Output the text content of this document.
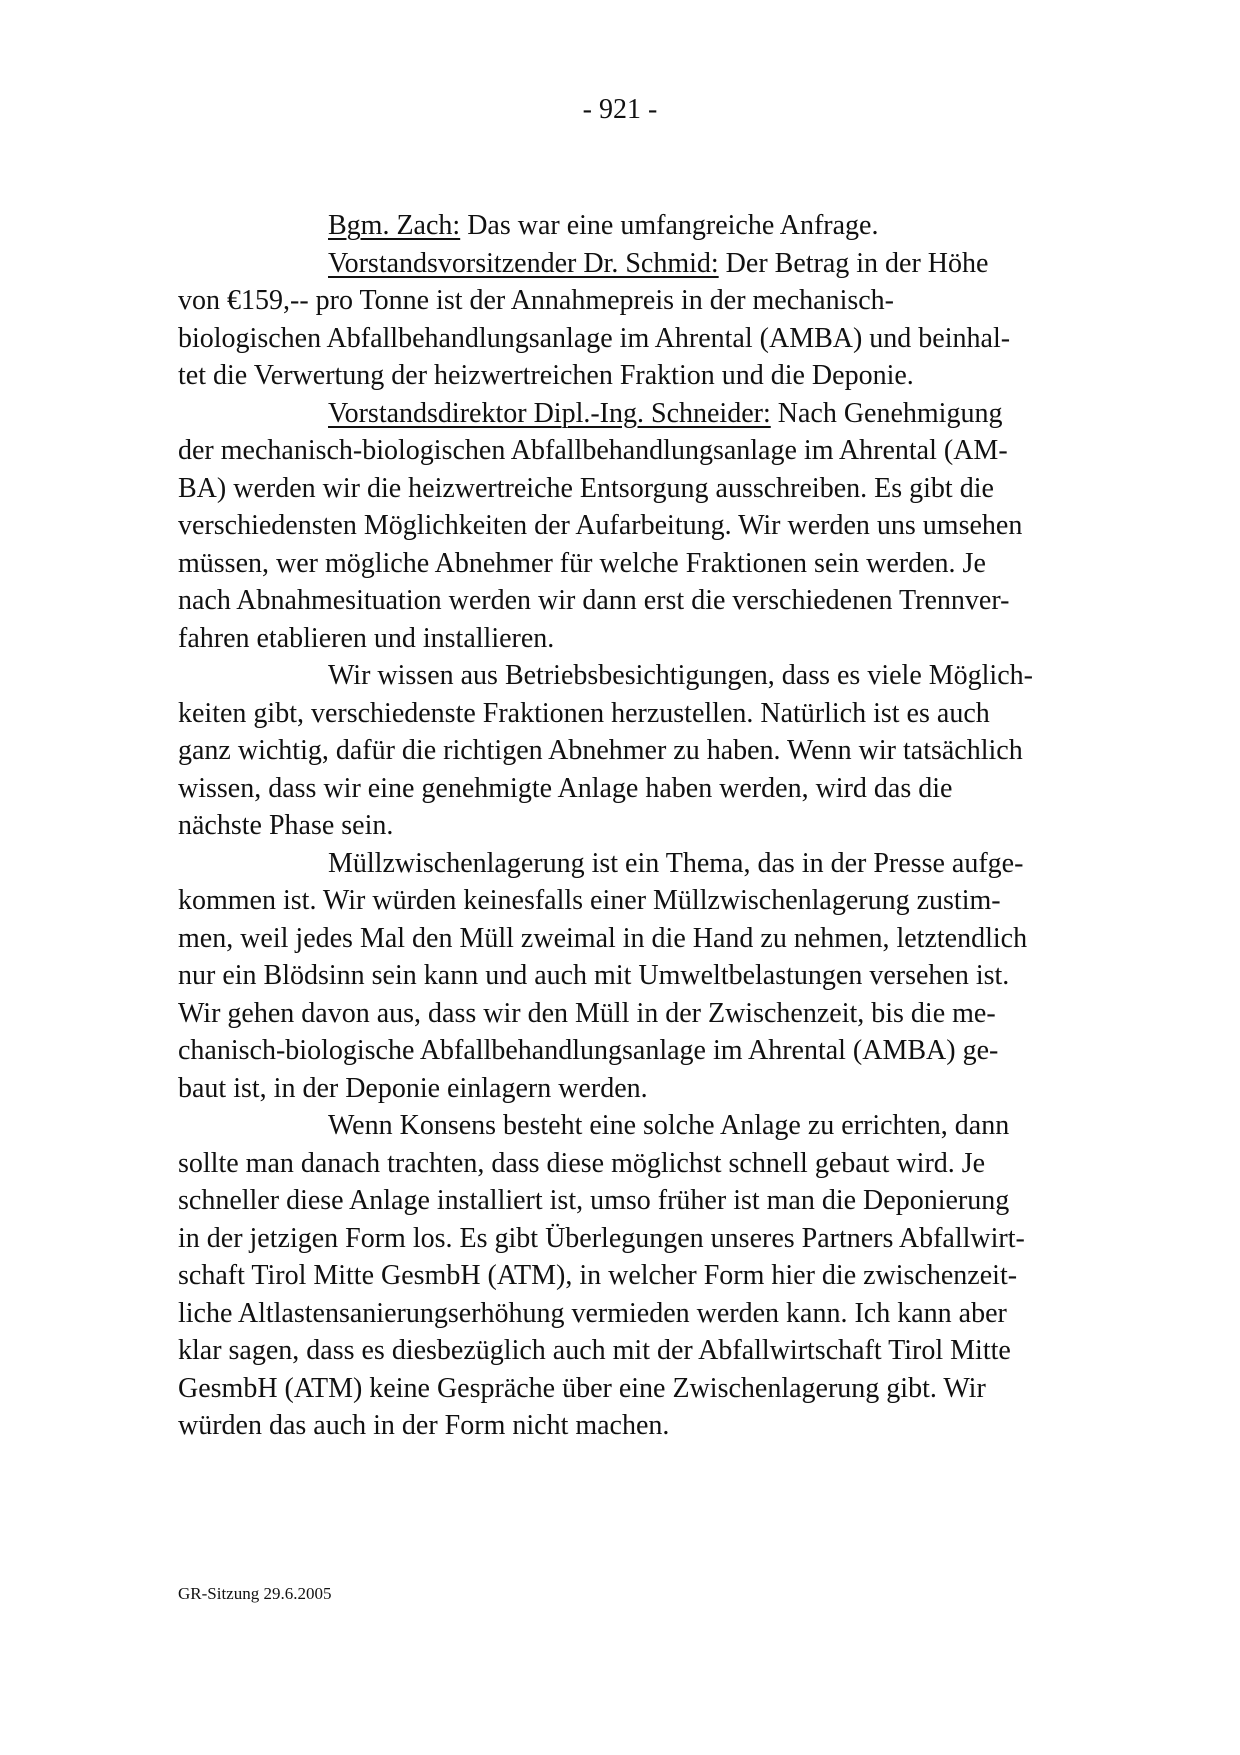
- 921 -

Bgm. Zach: Das war eine umfangreiche Anfrage.

Vorstandsvorsitzender Dr. Schmid: Der Betrag in der Höhe
von €159,-- pro Tonne ist der Annahmepreis in der mechanisch-
biologischen Abfallbehandlungsanlage im Ahrental (AMBA) und beinhal-
tet die Verwertung der heizwertreichen Fraktion und die Deponie.

Vorstandsdirektor Dipl.-Ing. Schneider: Nach Genehmigung
der mechanisch-biologischen Abfallbehandlungsanlage im Ahrental (AM-
BA) werden wir die heizwertreiche Entsorgung ausschreiben. Es gibt die
verschiedensten Möglichkeiten der Aufarbeitung. Wir werden uns umsehen
müssen, wer mögliche Abnehmer für welche Fraktionen sein werden. Je
nach Abnahmesituation werden wir dann erst die verschiedenen Trennver-
fahren etablieren und installieren.

Wir wissen aus Betriebsbesichtigungen, dass es viele Möglich-
keiten gibt, verschiedenste Fraktionen herzustellen. Natürlich ist es auch
ganz wichtig, dafür die richtigen Abnehmer zu haben. Wenn wir tatsächlich
wissen, dass wir eine genehmigte Anlage haben werden, wird das die
nächste Phase sein.

Müllzwischenlagerung ist ein Thema, das in der Presse aufge-
kommen ist. Wir würden keinesfalls einer Müllzwischenlagerung zustim-
men, weil jedes Mal den Müll zweimal in die Hand zu nehmen, letztendlich
nur ein Blödsinn sein kann und auch mit Umweltbelastungen versehen ist.
Wir gehen davon aus, dass wir den Müll in der Zwischenzeit, bis die me-
chanisch-biologische Abfallbehandlungsanlage im Ahrental (AMBA) ge-
baut ist, in der Deponie einlagern werden.

Wenn Konsens besteht eine solche Anlage zu errichten, dann
sollte man danach trachten, dass diese möglichst schnell gebaut wird. Je
schneller diese Anlage installiert ist, umso früher ist man die Deponierung
in der jetzigen Form los. Es gibt Überlegungen unseres Partners Abfallwirt-
schaft Tirol Mitte GesmbH (ATM), in welcher Form hier die zwischenzeit-
liche Altlastensanierungserhöhung vermieden werden kann. Ich kann aber
klar sagen, dass es diesbezüglich auch mit der Abfallwirtschaft Tirol Mitte
GesmbH (ATM) keine Gespräche über eine Zwischenlagerung gibt. Wir
würden das auch in der Form nicht machen.

GR-Sitzung 29.6.2005
